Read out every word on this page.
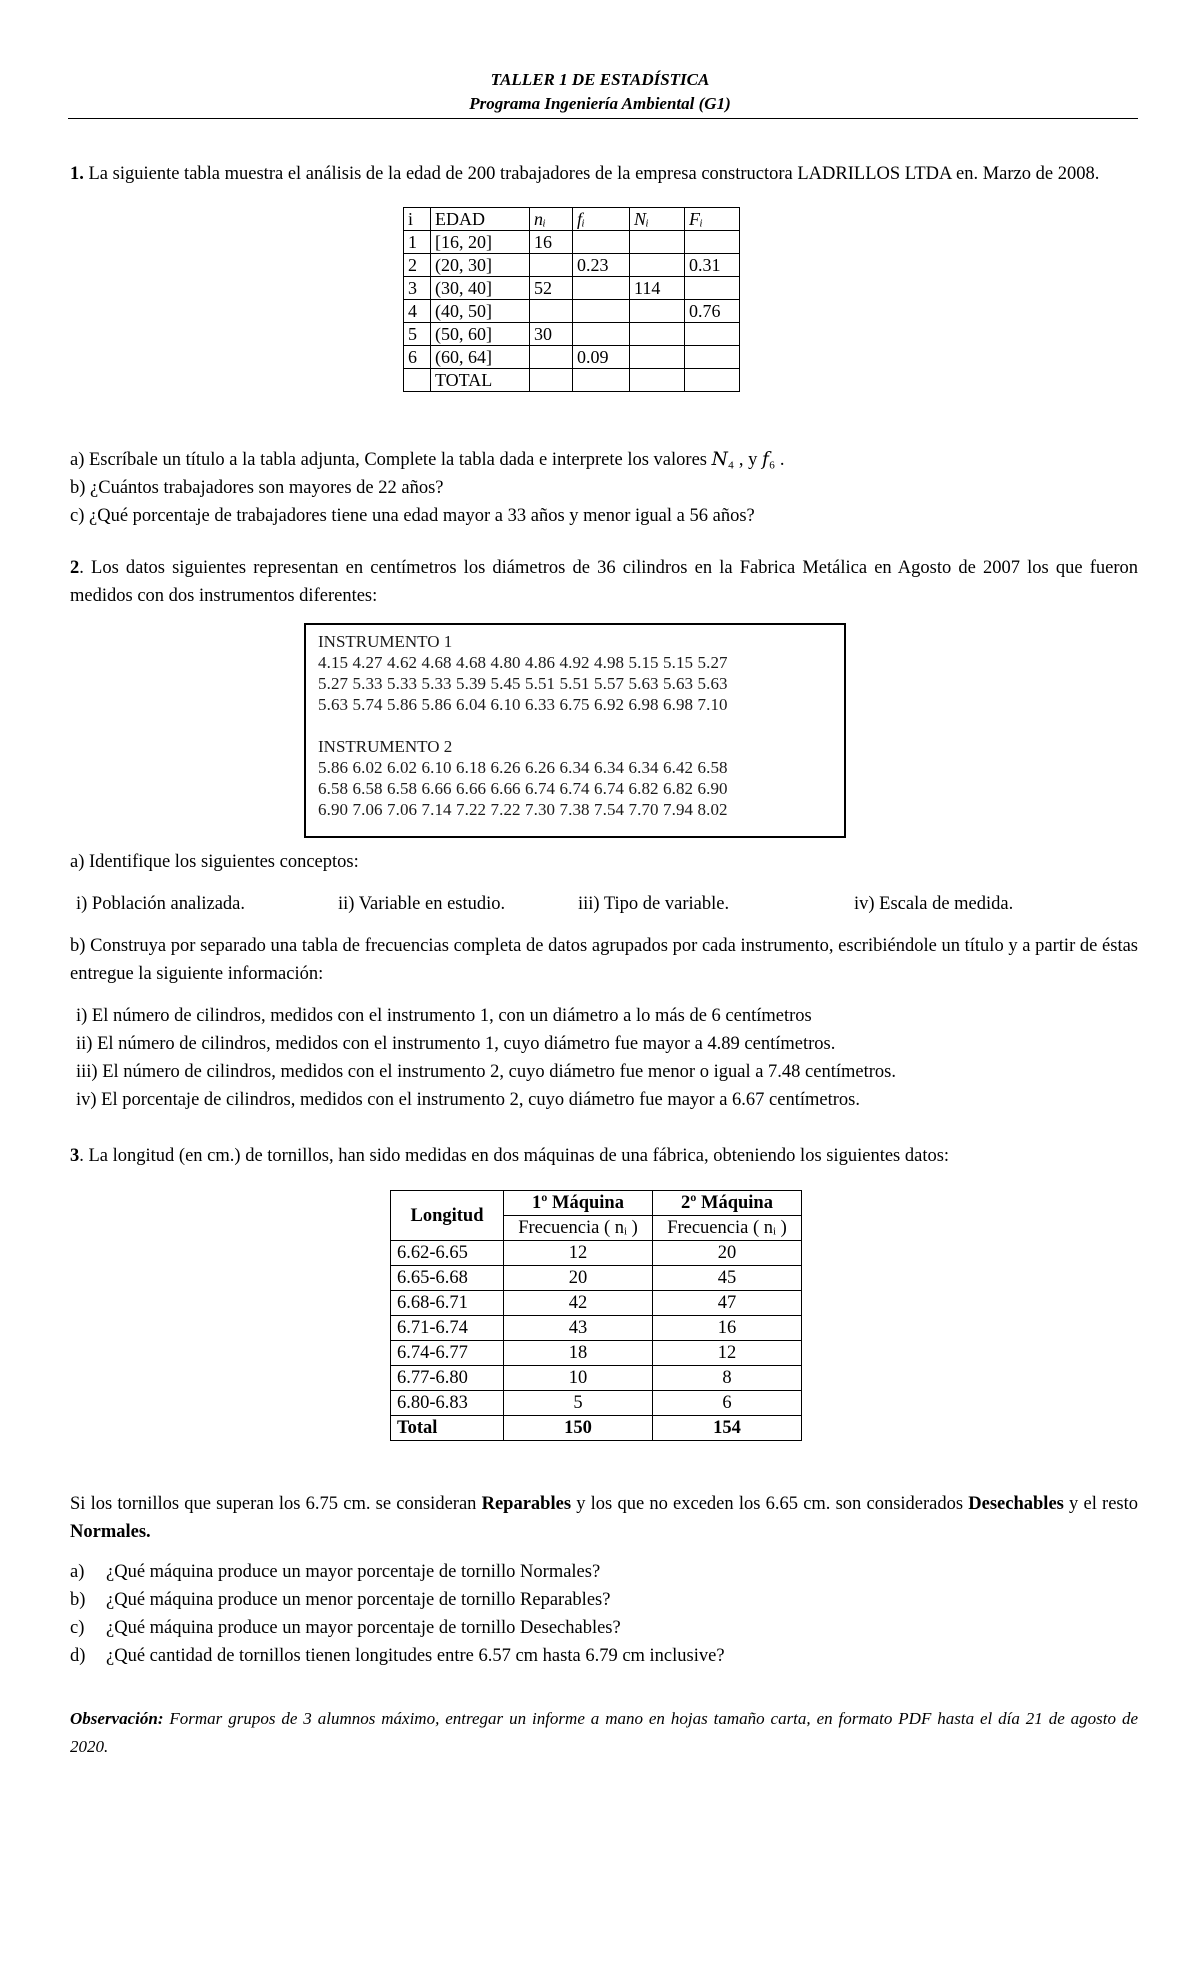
TALLER 1 DE ESTADÍSTICA
Programa Ingeniería Ambiental (G1)
1. La siguiente tabla muestra el análisis de la edad de 200 trabajadores de la empresa constructora LADRILLOS LTDA en. Marzo de 2008.
i	EDAD	nᵢ	fᵢ	Nᵢ	Fᵢ
1	[16, 20]	16			
2	(20, 30]		0.23		0.31
3	(30, 40]	52		114	
4	(40, 50]				0.76
5	(50, 60]	30			
6	(60, 64]		0.09		
	TOTAL				
a) Escríbale un título a la tabla adjunta, Complete la tabla dada e interprete los valores 𝑁₄ , y 𝑓₆ .
b) ¿Cuántos trabajadores son mayores de 22 años?
c) ¿Qué porcentaje de trabajadores tiene una edad mayor a 33 años y menor igual a 56 años?
2. Los datos siguientes representan en centímetros los diámetros de 36 cilindros en la Fabrica Metálica en Agosto de 2007 los que fueron medidos con dos instrumentos diferentes:
INSTRUMENTO 1
4.15 4.27 4.62 4.68 4.68 4.80 4.86 4.92 4.98 5.15 5.15 5.27
5.27 5.33 5.33 5.33 5.39 5.45 5.51 5.51 5.57 5.63 5.63 5.63
5.63 5.74 5.86 5.86 6.04 6.10 6.33 6.75 6.92 6.98 6.98 7.10
INSTRUMENTO 2
5.86 6.02 6.02 6.10 6.18 6.26 6.26 6.34 6.34 6.34 6.42 6.58
6.58 6.58 6.58 6.66 6.66 6.66 6.74 6.74 6.74 6.82 6.82 6.90
6.90 7.06 7.06 7.14 7.22 7.22 7.30 7.38 7.54 7.70 7.94 8.02
a) Identifique los siguientes conceptos:
i) Población analizada.	ii) Variable en estudio.	iii) Tipo de variable.	iv) Escala de medida.
b) Construya por separado una tabla de frecuencias completa de datos agrupados por cada instrumento, escribiéndole un título y a partir de éstas entregue la siguiente información:
i) El número de cilindros, medidos con el instrumento 1, con un diámetro a lo más de 6 centímetros
ii) El número de cilindros, medidos con el instrumento 1, cuyo diámetro fue mayor a 4.89 centímetros.
iii) El número de cilindros, medidos con el instrumento 2, cuyo diámetro fue menor o igual a 7.48 centímetros.
iv) El porcentaje de cilindros, medidos con el instrumento 2, cuyo diámetro fue mayor a 6.67 centímetros.
3. La longitud (en cm.) de tornillos, han sido medidas en dos máquinas de una fábrica, obteniendo los siguientes datos:
Longitud	1º Máquina	2º Máquina
	Frecuencia ( nᵢ )	Frecuencia ( nᵢ )
6.62-6.65	12	20
6.65-6.68	20	45
6.68-6.71	42	47
6.71-6.74	43	16
6.74-6.77	18	12
6.77-6.80	10	8
6.80-6.83	5	6
Total	150	154
Si los tornillos que superan los 6.75 cm. se consideran Reparables y los que no exceden los 6.65 cm. son considerados Desechables y el resto Normales.
a) ¿Qué máquina produce un mayor porcentaje de tornillo Normales?
b) ¿Qué máquina produce un menor porcentaje de tornillo Reparables?
c) ¿Qué máquina produce un mayor porcentaje de tornillo Desechables?
d) ¿Qué cantidad de tornillos tienen longitudes entre 6.57 cm hasta 6.79 cm inclusive?
Observación: Formar grupos de 3 alumnos máximo, entregar un informe a mano en hojas tamaño carta, en formato PDF hasta el día 21 de agosto de 2020.
